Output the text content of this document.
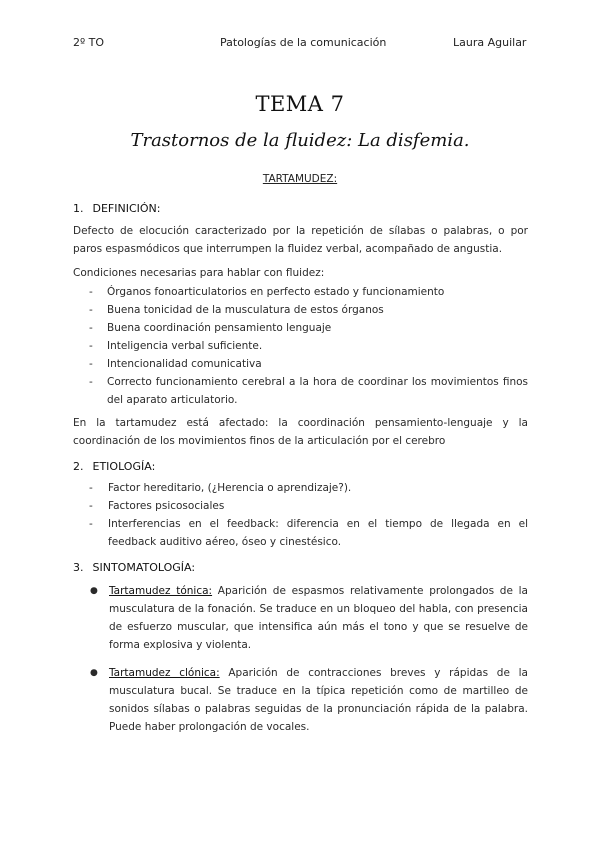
2º TO	Patologías de la comunicación	Laura Aguilar
TEMA 7
Trastornos de la fluidez: La disfemia.
TARTAMUDEZ:
1. DEFINICIÓN:
Defecto de elocución caracterizado por la repetición de sílabas o palabras, o por paros espasmódicos que interrumpen la fluidez verbal, acompañado de angustia.
Condiciones necesarias para hablar con fluidez:
- Órganos fonoarticulatorios en perfecto estado y funcionamiento
- Buena tonicidad de la musculatura de estos órganos
- Buena coordinación pensamiento lenguaje
- Inteligencia verbal suficiente.
- Intencionalidad comunicativa
- Correcto funcionamiento cerebral a la hora de coordinar los movimientos finos del aparato articulatorio.
En la tartamudez está afectado: la coordinación pensamiento-lenguaje y la coordinación de los movimientos finos de la articulación por el cerebro
2. ETIOLOGÍA:
- Factor hereditario, (¿Herencia o aprendizaje?).
- Factores psicosociales
- Interferencias en el feedback: diferencia en el tiempo de llegada en el feedback auditivo aéreo, óseo y cinestésico.
3. SINTOMATOLOGÍA:
● Tartamudez tónica: Aparición de espasmos relativamente prolongados de la musculatura de la fonación. Se traduce en un bloqueo del habla, con presencia de esfuerzo muscular, que intensifica aún más el tono y que se resuelve de forma explosiva y violenta.
● Tartamudez clónica: Aparición de contracciones breves y rápidas de la musculatura bucal. Se traduce en la típica repetición como de martilleo de sonidos sílabas o palabras seguidas de la pronunciación rápida de la palabra. Puede haber prolongación de vocales.
